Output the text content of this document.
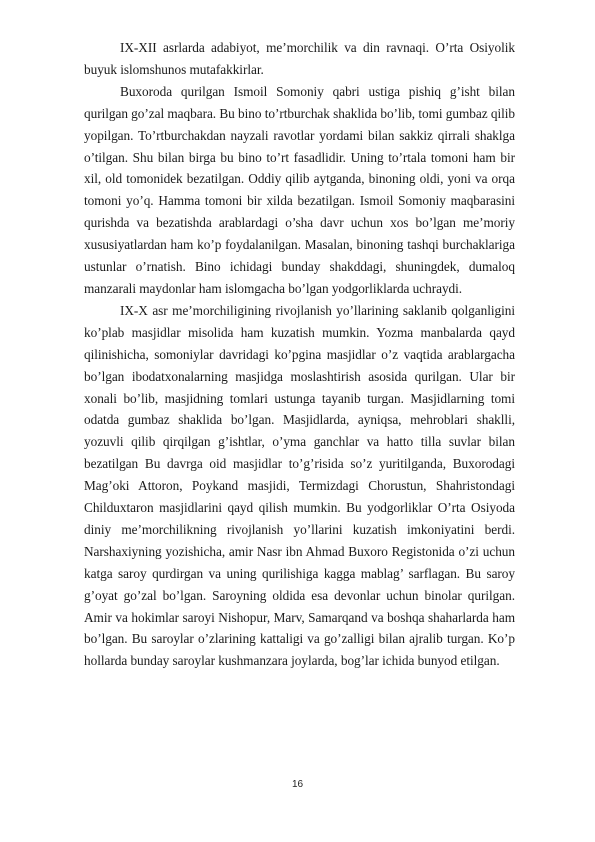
IX-XII asrlarda adabiyot, me’morchilik va din ravnaqi. O’rta Osiyolik buyuk islomshunos mutafakkirlar.

Buxoroda qurilgan Ismoil Somoniy qabri ustiga pishiq g’isht bilan qurilgan go’zal maqbara. Bu bino to’rtburchak shaklida bo’lib, tomi gumbaz qilib yopilgan. To’rtburchakdan nayzali ravotlar yordami bilan sakkiz qirrali shaklga o’tilgan. Shu bilan birga bu bino to’rt fasadlidir. Uning to’rtala tomoni ham bir xil, old tomonidek bezatilgan. Oddiy qilib aytganda, binoning oldi, yoni va orqa tomoni yo’q. Hamma tomoni bir xilda bezatilgan. Ismoil Somoniy maqbarasini qurishda va bezatishda arablardagi o’sha davr uchun xos bo’lgan me’moriy xususiyatlardan ham ko’p foydalanilgan. Masalan, binoning tashqi burchaklariga ustunlar o’rnatish. Bino ichidagi bunday shakddagi, shuningdek, dumaloq manzarali maydonlar ham islomgacha bo’lgan yodgorliklarda uchraydi.

IX-X asr me’morchiligining rivojlanish yo’llarining saklanib qolganligini ko’plab masjidlar misolida ham kuzatish mumkin. Yozma manbalarda qayd qilinishicha, somoniylar davridagi ko’pgina masjidlar o’z vaqtida arablargacha bo’lgan ibodatxonalarning masjidga moslashtirish asosida qurilgan. Ular bir xonali bo’lib, masjidning tomlari ustunga tayanib turgan. Masjidlarning tomi odatda gumbaz shaklida bo’lgan. Masjidlarda, ayniqsa, mehroblari shaklli, yozuvli qilib qirqilgan g’ishtlar, o’yma ganchlar va hatto tilla suvlar bilan bezatilgan Bu davrga oid masjidlar to’g’risida so’z yuritilganda, Buxorodagi Mag’oki Attoron, Poykand masjidi, Termizdagi Chorustun, Shahristondagi Childuxtaron masjidlarini qayd qilish mumkin. Bu yodgorliklar O’rta Osiyoda diniy me’morchilikning rivojlanish yo’llarini kuzatish imkoniyatini berdi. Narshaxiyning yozishicha, amir Nasr ibn Ahmad Buxoro Registonida o’zi uchun katga saroy qurdirgan va uning qurilishiga kagga mablag’ sarflagan. Bu saroy g’oyat go’zal bo’lgan. Saroyning oldida esa devonlar uchun binolar qurilgan. Amir va hokimlar saroyi Nishopur, Marv, Samarqand va boshqa shaharlarda ham bo’lgan. Bu saroylar o’zlarining kattaligi va go’zalligi bilan ajralib turgan. Ko’p hollarda bunday saroylar kushmanzara joylarda, bog’lar ichida bunyod etilgan.

16
